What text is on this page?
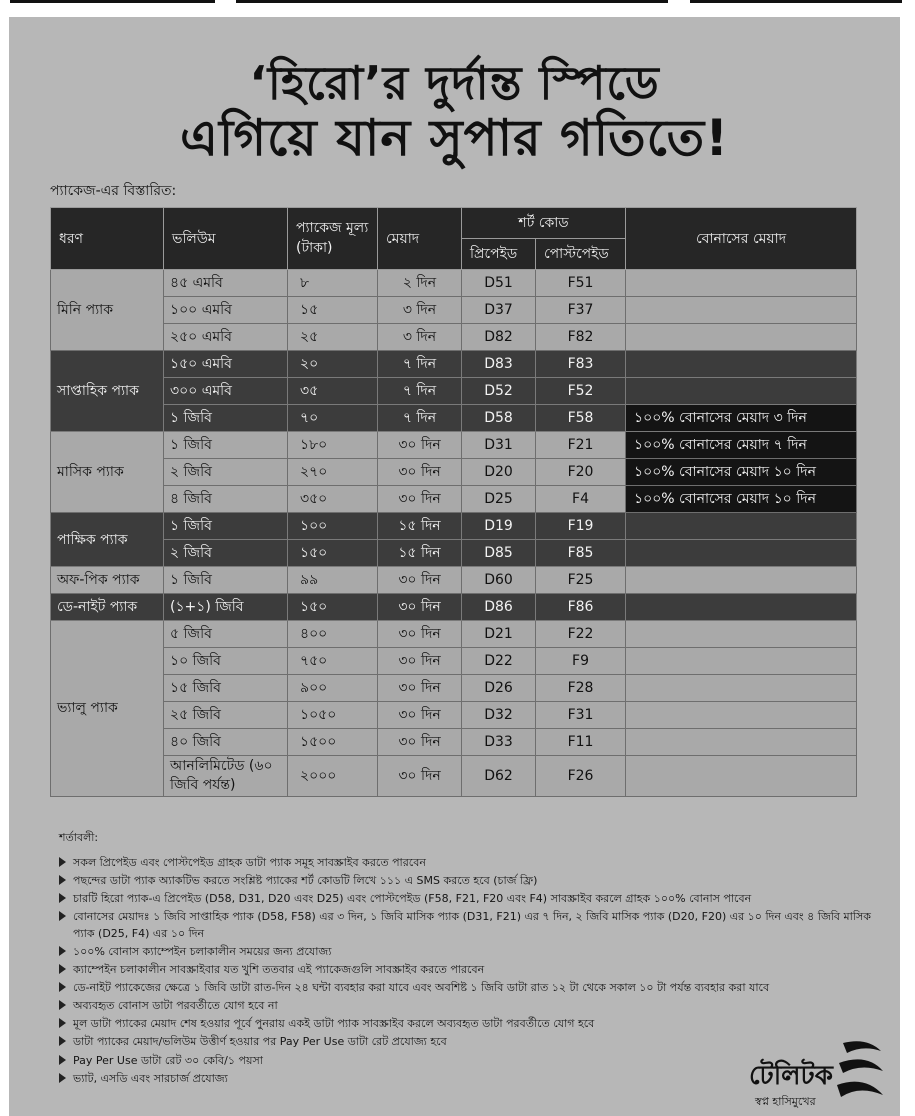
‘হিরো’র দুর্দান্ত স্পিডে
এগিয়ে যান সুপার গতিতে!
প্যাকেজ-এর বিস্তারিত:
ধরণ	ভলিউম	প্যাকেজ মূল্য (টাকা)	মেয়াদ	শর্ট কোড		বোনাসের মেয়াদ
				প্রিপেইড	পোস্টপেইড	
মিনি প্যাক	৪৫ এমবি	৮	২ দিন	D51	F51	
	১০০ এমবি	১৫	৩ দিন	D37	F37	
	২৫০ এমবি	২৫	৩ দিন	D82	F82	
সাপ্তাহিক প্যাক	১৫০ এমবি	২০	৭ দিন	D83	F83	
	৩০০ এমবি	৩৫	৭ দিন	D52	F52	
	১ জিবি	৭০	৭ দিন	D58	F58	১০০% বোনাসের মেয়াদ ৩ দিন
মাসিক প্যাক	১ জিবি	১৮০	৩০ দিন	D31	F21	১০০% বোনাসের মেয়াদ ৭ দিন
	২ জিবি	২৭০	৩০ দিন	D20	F20	১০০% বোনাসের মেয়াদ ১০ দিন
	৪ জিবি	৩৫০	৩০ দিন	D25	F4	১০০% বোনাসের মেয়াদ ১০ দিন
পাক্ষিক প্যাক	১ জিবি	১০০	১৫ দিন	D19	F19	
	২ জিবি	১৫০	১৫ দিন	D85	F85	
অফ-পিক প্যাক	১ জিবি	৯৯	৩০ দিন	D60	F25	
ডে-নাইট প্যাক	(১+১) জিবি	১৫০	৩০ দিন	D86	F86	
ভ্যালু প্যাক	৫ জিবি	৪০০	৩০ দিন	D21	F22	
	১০ জিবি	৭৫০	৩০ দিন	D22	F9	
	১৫ জিবি	৯০০	৩০ দিন	D26	F28	
	২৫ জিবি	১০৫০	৩০ দিন	D32	F31	
	৪০ জিবি	১৫০০	৩০ দিন	D33	F11	
	আনলিমিটেড (৬০ জিবি পর্যন্ত)	২০০০	৩০ দিন	D62	F26	
শর্তাবলী:
সকল প্রিপেইড এবং পোস্টপেইড গ্রাহক ডাটা প্যাক সমূহ সাবস্ক্রাইব করতে পারবেন
পছন্দের ডাটা প্যাক অ্যাকটিভ করতে সংশ্লিষ্ট প্যাকের শর্ট কোডটি লিখে ১১১ এ SMS করতে হবে (চার্জ ফ্রি)
চারটি হিরো প্যাক-এ প্রিপেইড (D58, D31, D20 এবং D25) এবং পোস্টপেইড (F58, F21, F20 এবং F4) সাবস্ক্রাইব করলে গ্রাহক ১০০% বোনাস পাবেন
বোনাসের মেয়াদঃ ১ জিবি সাপ্তাহিক প্যাক (D58, F58) এর ৩ দিন, ১ জিবি মাসিক প্যাক (D31, F21) এর ৭ দিন, ২ জিবি মাসিক প্যাক (D20, F20) এর ১০ দিন এবং ৪ জিবি মাসিক প্যাক (D25, F4) এর ১০ দিন
১০০% বোনাস ক্যাম্পেইন চলাকালীন সময়ের জন্য প্রযোজ্য
ক্যাম্পেইন চলাকালীন সাবস্ক্রাইবার যত খুশি ততবার এই প্যাকেজগুলি সাবস্ক্রাইব করতে পারবেন
ডে-নাইট প্যাকেজের ক্ষেত্রে ১ জিবি ডাটা রাত-দিন ২৪ ঘন্টা ব্যবহার করা যাবে এবং অবশিষ্ট ১ জিবি ডাটা রাত ১২ টা থেকে সকাল ১০ টা পর্যন্ত ব্যবহার করা যাবে
অব্যবহৃত বোনাস ডাটা পরবর্তীতে যোগ হবে না
মূল ডাটা প্যাকের মেয়াদ শেষ হওয়ার পূর্বে পুনরায় একই ডাটা প্যাক সাবস্ক্রাইব করলে অব্যবহৃত ডাটা পরবর্তীতে যোগ হবে
ডাটা প্যাকের মেয়াদ/ভলিউম উত্তীর্ণ হওয়ার পর Pay Per Use ডাটা রেট প্রযোজ্য হবে
Pay Per Use ডাটা রেট ৩০ কেবি/১ পয়সা
ভ্যাট, এসডি এবং সারচার্জ প্রযোজ্য	টেলিটক
স্বপ্ন হাসিমুখের
